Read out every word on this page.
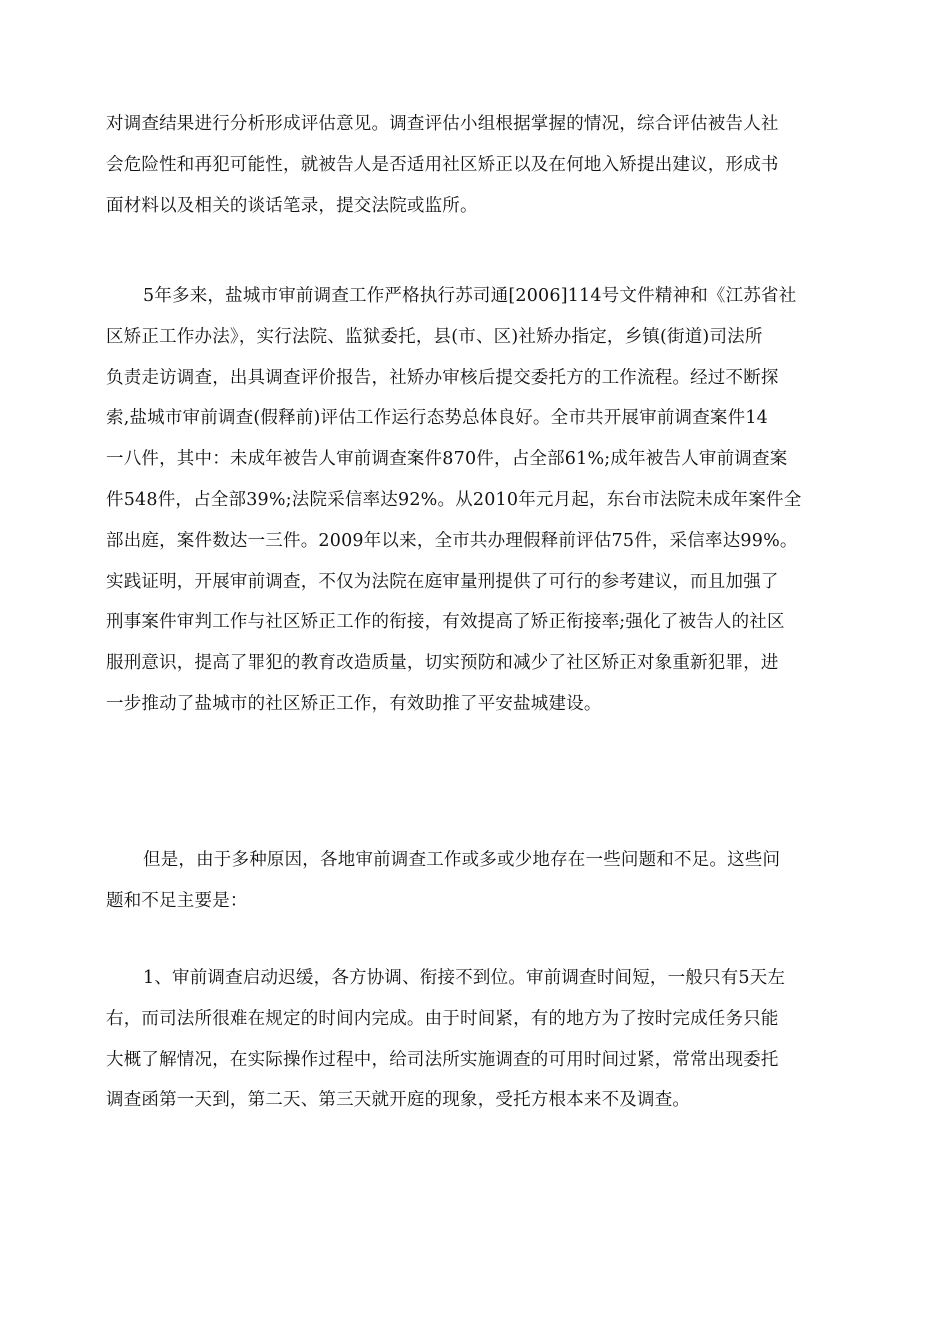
对调查结果进行分析形成评估意见。调查评估小组根据掌握的情况，综合评估被告人社
会危险性和再犯可能性，就被告人是否适用社区矫正以及在何地入矫提出建议，形成书
面材料以及相关的谈话笔录，提交法院或监所。
5年多来，盐城市审前调查工作严格执行苏司通[2006]114号文件精神和《江苏省社
区矫正工作办法》，实行法院、监狱委托，县(市、区)社矫办指定，乡镇(街道)司法所
负责走访调查，出具调查评价报告，社矫办审核后提交委托方的工作流程。经过不断探
索,盐城市审前调查(假释前)评估工作运行态势总体良好。全市共开展审前调查案件14
一八件，其中：未成年被告人审前调查案件870件，占全部61%;成年被告人审前调查案
件548件，占全部39%;法院采信率达92%。从2010年元月起，东台市法院未成年案件全
部出庭，案件数达一三件。2009年以来，全市共办理假释前评估75件，采信率达99%。
实践证明，开展审前调查，不仅为法院在庭审量刑提供了可行的参考建议，而且加强了
刑事案件审判工作与社区矫正工作的衔接，有效提高了矫正衔接率;强化了被告人的社区
服刑意识，提高了罪犯的教育改造质量，切实预防和减少了社区矫正对象重新犯罪，进
一步推动了盐城市的社区矫正工作，有效助推了平安盐城建设。
但是，由于多种原因，各地审前调查工作或多或少地存在一些问题和不足。这些问
题和不足主要是：
1、审前调查启动迟缓，各方协调、衔接不到位。审前调查时间短，一般只有5天左
右，而司法所很难在规定的时间内完成。由于时间紧，有的地方为了按时完成任务只能
大概了解情况，在实际操作过程中，给司法所实施调查的可用时间过紧，常常出现委托
调查函第一天到，第二天、第三天就开庭的现象，受托方根本来不及调查。
